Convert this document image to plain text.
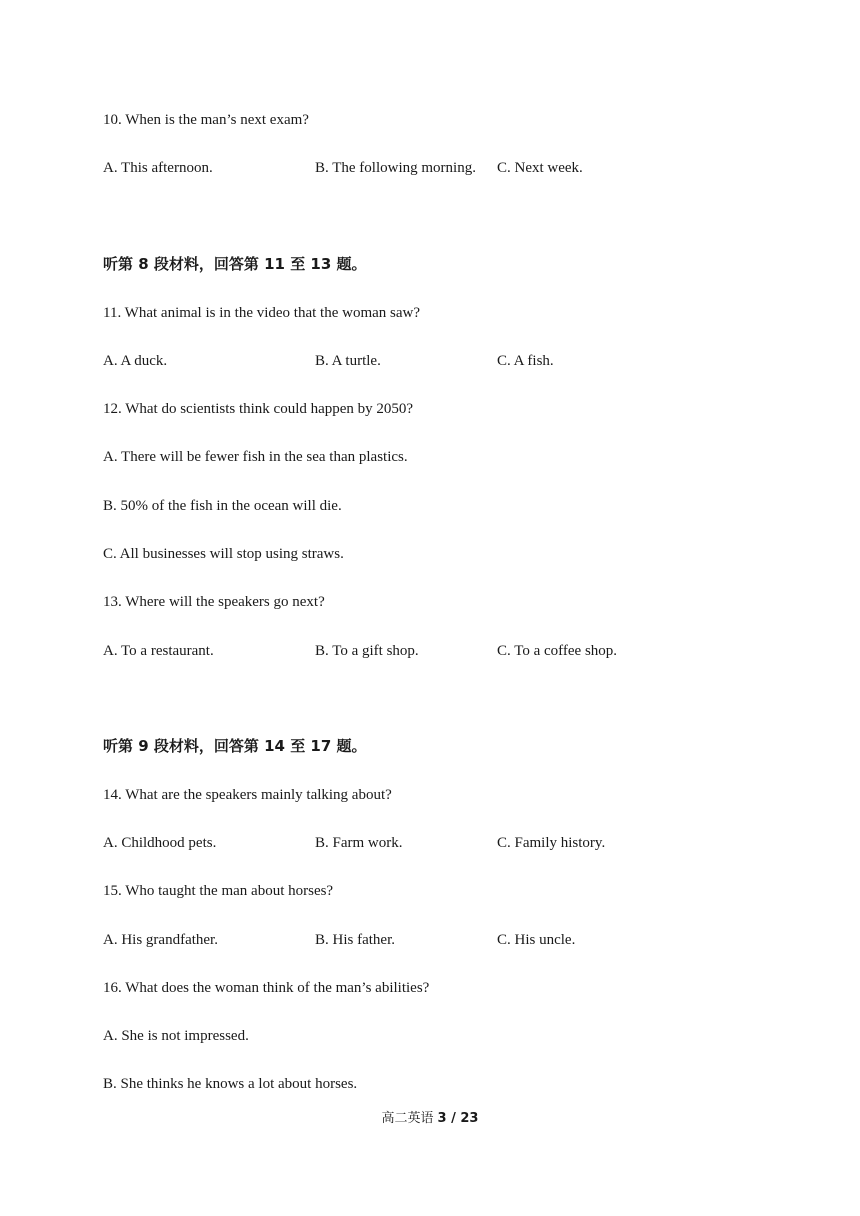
10. When is the man’s next exam?
A. This afternoon.	B. The following morning. C. Next week.
听第 8 段材料，回答第 11 至 13 题。
11. What animal is in the video that the woman saw?
A. A duck.	B. A turtle.	C. A fish.
12. What do scientists think could happen by 2050?
A. There will be fewer fish in the sea than plastics.
B. 50% of the fish in the ocean will die.
C. All businesses will stop using straws.
13. Where will the speakers go next?
A. To a restaurant.	B. To a gift shop.	C. To a coffee shop.
听第 9 段材料，回答第 14 至 17 题。
14. What are the speakers mainly talking about?
A. Childhood pets.	B. Farm work.	C. Family history.
15. Who taught the man about horses?
A. His grandfather.	B. His father.	C. His uncle.
16. What does the woman think of the man’s abilities?
A. She is not impressed.
B. She thinks he knows a lot about horses.
高二英语 3 / 23
